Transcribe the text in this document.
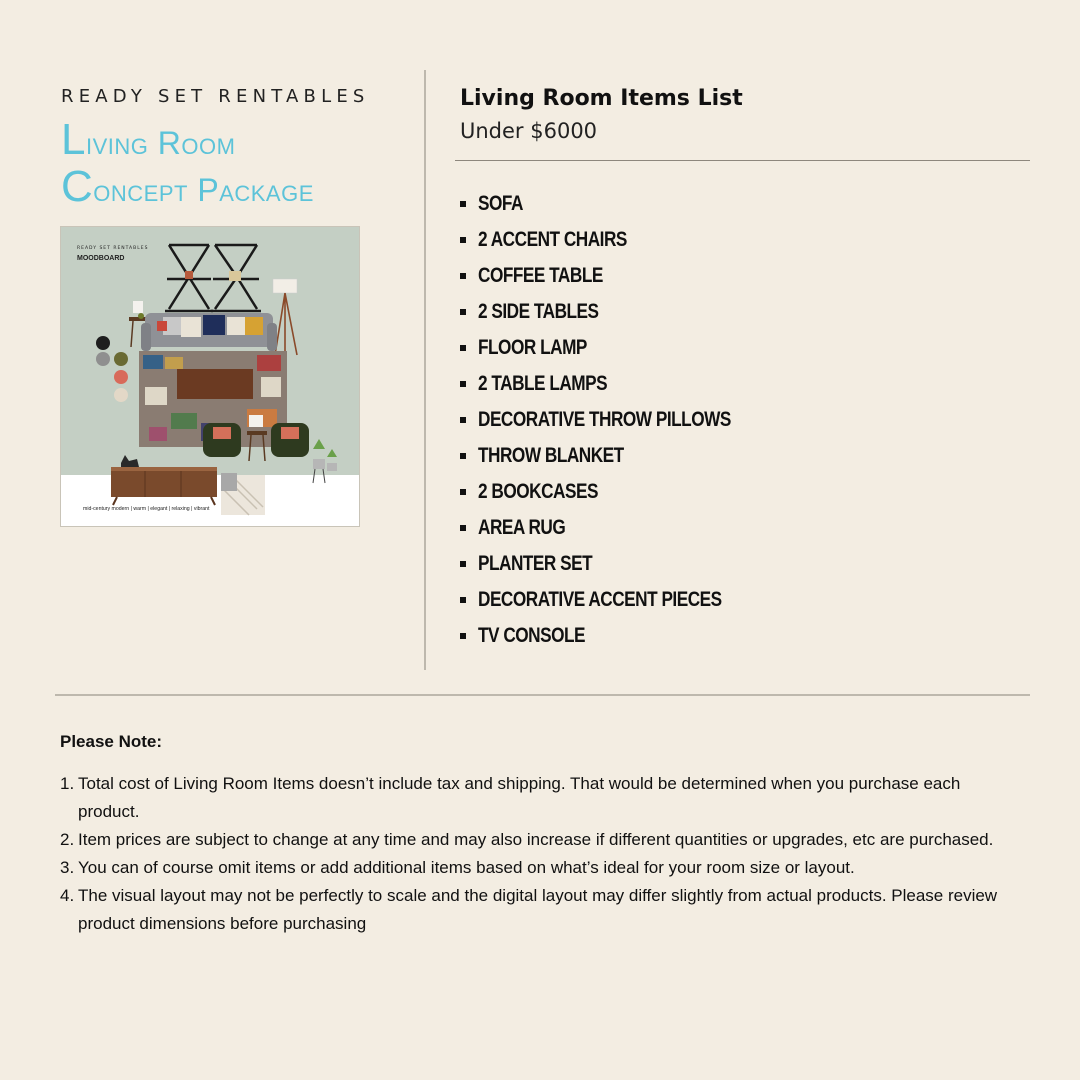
READY SET RENTABLES
Living Room
Concept Package
READY SET RENTABLES
MOODBOARD
mid-century modern | warm | elegant | relaxing | vibrant
Living Room Items List
Under $6000
SOFA
2 ACCENT CHAIRS
COFFEE TABLE
2 SIDE TABLES
FLOOR LAMP
2 TABLE LAMPS
DECORATIVE THROW PILLOWS
THROW BLANKET
2 BOOKCASES
AREA RUG
PLANTER SET
DECORATIVE ACCENT PIECES
TV CONSOLE
Please Note:
1. Total cost of Living Room Items doesn’t include tax and shipping. That would be determined when you purchase each product.
2. Item prices are subject to change at any time and may also increase if different quantities or upgrades, etc are purchased.
3. You can of course omit items or add additional items based on what’s ideal for your room size or layout.
4. The visual layout may not be perfectly to scale and the digital layout may differ slightly from actual products. Please review product dimensions before purchasing
